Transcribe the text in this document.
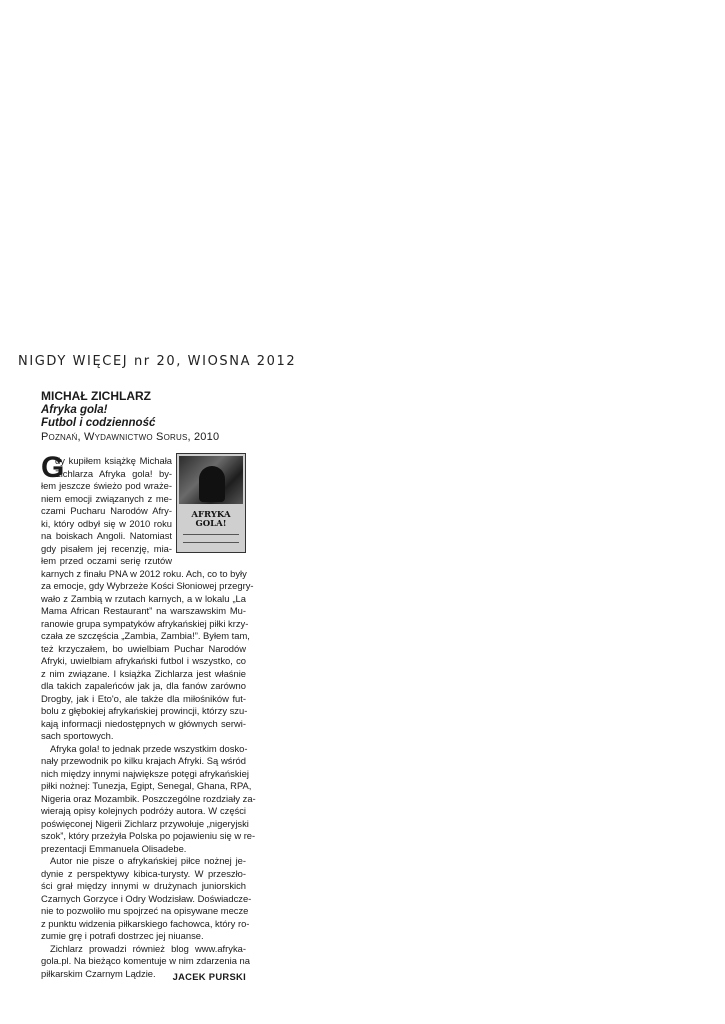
NIGDY WIĘCEJ nr 20, WIOSNA 2012
MICHAŁ ZICHLARZ
Afryka gola!
Futbol i codzienność
Poznań, Wydawnictwo Sorus, 2010
AFRYKA
GOLA!
G
dy kupiłem książkę Michała
Zichlarza Afryka gola! by-
łem jeszcze świeżo pod wraże-
niem emocji związanych z me-
czami Pucharu Narodów Afry-
ki, który odbył się w 2010 roku
na boiskach Angoli. Natomiast
gdy pisałem jej recenzję, mia-
łem przed oczami serię rzutów
karnych z finału PNA w 2012 roku. Ach, co to były
za emocje, gdy Wybrzeże Kości Słoniowej przegry-
wało z Zambią w rzutach karnych, a w lokalu „La
Mama African Restaurant” na warszawskim Mu-
ranowie grupa sympatyków afrykańskiej piłki krzy-
czała ze szczęścia „Zambia, Zambia!”. Byłem tam,
też krzyczałem, bo uwielbiam Puchar Narodów
Afryki, uwielbiam afrykański futbol i wszystko, co
z nim związane. I książka Zichlarza jest właśnie
dla takich zapaleńców jak ja, dla fanów zarówno
Drogby, jak i Eto'o, ale także dla miłośników fut-
bolu z głębokiej afrykańskiej prowincji, którzy szu-
kają informacji niedostępnych w głównych serwi-
sach sportowych.
Afryka gola! to jednak przede wszystkim dosko-
nały przewodnik po kilku krajach Afryki. Są wśród
nich między innymi największe potęgi afrykańskiej
piłki nożnej: Tunezja, Egipt, Senegal, Ghana, RPA,
Nigeria oraz Mozambik. Poszczególne rozdziały za-
wierają opisy kolejnych podróży autora. W części
poświęconej Nigerii Zichlarz przywołuje „nigeryjski
szok”, który przeżyła Polska po pojawieniu się w re-
prezentacji Emmanuela Olisadebe.
Autor nie pisze o afrykańskiej piłce nożnej je-
dynie z perspektywy kibica-turysty. W przeszło-
ści grał między innymi w drużynach juniorskich
Czarnych Gorzyce i Odry Wodzisław. Doświadcze-
nie to pozwoliło mu spojrzeć na opisywane mecze
z punktu widzenia piłkarskiego fachowca, który ro-
zumie grę i potrafi dostrzec jej niuanse.
Zichlarz prowadzi również blog www.afryka-
gola.pl. Na bieżąco komentuje w nim zdarzenia na
piłkarskim Czarnym Lądzie.	JACEK PURSKI
